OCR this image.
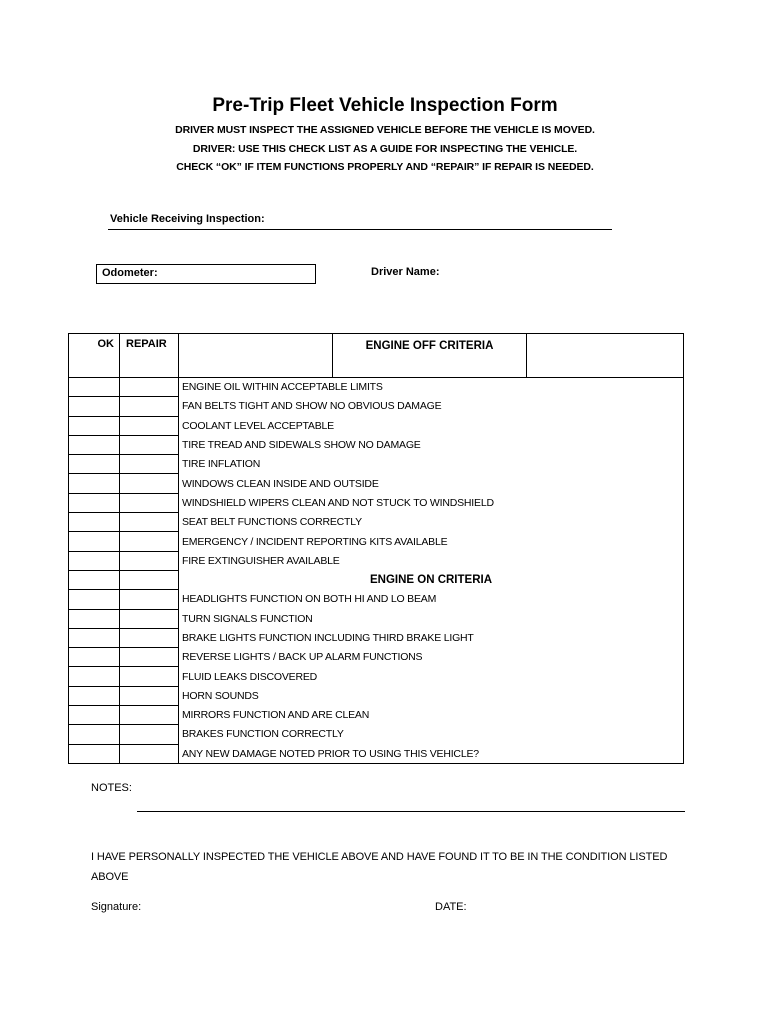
Pre-Trip Fleet Vehicle Inspection Form
DRIVER MUST INSPECT THE ASSIGNED VEHICLE BEFORE THE VEHICLE IS MOVED.
DRIVER: USE THIS CHECK LIST AS A GUIDE FOR INSPECTING THE VEHICLE.
CHECK “OK” IF ITEM FUNCTIONS PROPERLY AND “REPAIR” IF REPAIR IS NEEDED.
Vehicle Receiving Inspection:
Odometer:	Driver Name:
OK	REPAIR		ENGINE OFF CRITERIA	
		ENGINE OIL WITHIN ACCEPTABLE LIMITS		
		FAN BELTS TIGHT AND SHOW NO OBVIOUS DAMAGE		
		COOLANT LEVEL ACCEPTABLE		
		TIRE TREAD AND SIDEWALS SHOW NO DAMAGE		
		TIRE INFLATION		
		WINDOWS CLEAN INSIDE AND OUTSIDE		
		WINDSHIELD WIPERS CLEAN AND NOT STUCK TO WINDSHIELD		
		SEAT BELT FUNCTIONS CORRECTLY		
		EMERGENCY / INCIDENT REPORTING KITS AVAILABLE		
		FIRE EXTINGUISHER AVAILABLE		
		ENGINE ON CRITERIA		
		HEADLIGHTS FUNCTION ON BOTH HI AND LO BEAM		
		TURN SIGNALS FUNCTION		
		BRAKE LIGHTS FUNCTION INCLUDING THIRD BRAKE LIGHT		
		REVERSE LIGHTS / BACK UP ALARM FUNCTIONS		
		FLUID LEAKS DISCOVERED		
		HORN SOUNDS		
		MIRRORS FUNCTION AND ARE CLEAN		
		BRAKES FUNCTION CORRECTLY		
		ANY NEW DAMAGE NOTED PRIOR TO USING THIS VEHICLE?		
NOTES:
I HAVE PERSONALLY INSPECTED THE VEHICLE ABOVE AND HAVE FOUND IT TO BE IN THE CONDITION LISTED ABOVE
Signature:	DATE:
